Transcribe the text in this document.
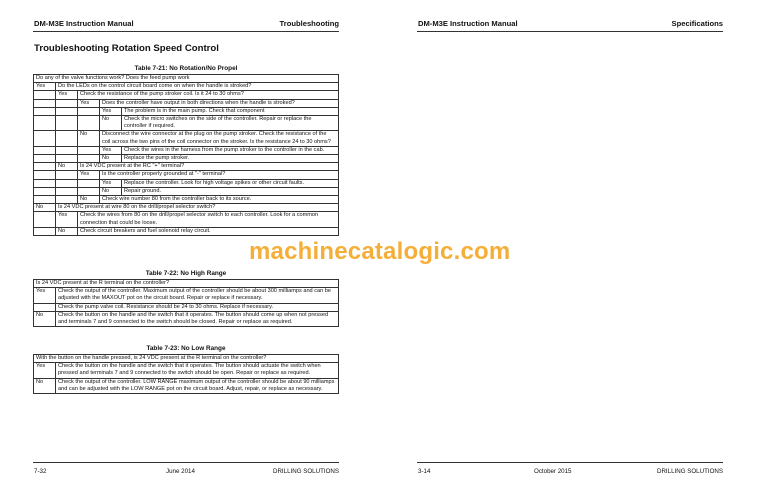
DM-M3E Instruction Manual	Troubleshooting
Troubleshooting Rotation Speed Control
Table 7-21: No Rotation/No Propel
Do any of the valve functions work? Does the feed pump work				
Yes	Do the LEDs on the control circuit board come on when the handle is stroked?			
	Yes	Check the resistance of the pump stroker coil. Is it 24 to 30 ohms?		
		Yes	Does the controller have output in both directions when the handle is stroked?	
			Yes	The problem is in the main pump. Check that component
			No	Check the micro switches on the side of the controller. Repair or replace the controller if required.
		No	Disconnect the wire connector at the plug on the pump stroker. Check the resistance of the coil across the two pins of the coil connector on the stroker. Is the resistance 24 to 30 ohms?	
			Yes	Check the wires in the harness from the pump stroker to the controller in the cab.
			No	Replace the pump stroker.
	No	Is 24 VDC present at the RC "+" terminal?		
		Yes	Is the controller properly grounded at "-" terminal?	
			Yes	Replace the controller. Look for high voltage spikes or other circuit faults.
			No	Repair ground.
		No	Check wire number 80 from the controller back to its source.	
No	Is 24 VDC present at wire 80 on the drill/propel selector switch?			
	Yes	Check the wires from 80 on the drill/propel selector switch to each controller. Look for a common connection that could be loose.		
	No	Check circuit breakers and fuel solenoid relay circuit.		
Table 7-22: No High Range
Is 24 VDC present at the R terminal on the controller?	
Yes	Check the output of the controller. Maximum output of the controller should be about 300 milliamps and can be adjusted with the MAXOUT pot on the circuit board. Repair or replace if necessary.
	Check the pump valve coil. Resistance should be 24 to 30 ohms. Replace if necessary.
No	Check the button on the handle and the switch that it operates. The button should come up when not pressed and terminals 7 and 9 connected to the switch should be closed. Repair or replace as required.
Table 7-23: No Low Range
With the button on the handle pressed, is 24 VDC present at the R terminal on the controller?	
Yes	Check the button on the handle and the switch that it operates. The button should actuate the switch when pressed and terminals 7 and 9 connected to the switch should be open. Repair or replace as required.
No	Check the output of the controller. LOW RANGE maximum output of the controller should be about 90 milliamps and can be adjusted with the LOW RANGE pot on the circuit board. Adjust, repair, or replace as necessary.
7-32	June 2014	DRILLING SOLUTIONS
DM-M3E Instruction Manual	Specifications
3-14	October 2015	DRILLING SOLUTIONS
machinecatalogic.com
